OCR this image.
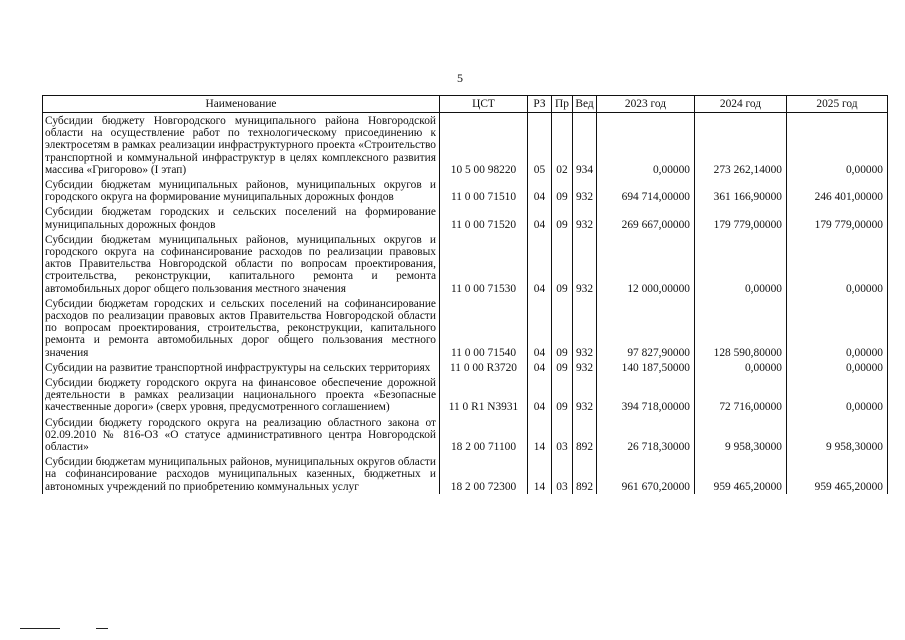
5
Наименование	ЦСТ	РЗ	Пр	Вед	2023 год	2024 год	2025 год
Субсидии бюджету Новгородского муниципального района Новгородской области на осуществление работ по технологическому присоединению к электросетям в рамках реализации инфраструктурного проекта «Строительство транспортной и коммунальной инфраструктур в целях комплексного развития массива «Григорово» (I этап)	10 5 00 98220	05	02	934	0,00000	273 262,14000	0,00000
Субсидии бюджетам муниципальных районов, муниципальных округов и городского округа на формирование муниципальных дорожных фондов	11 0 00 71510	04	09	932	694 714,00000	361 166,90000	246 401,00000
Субсидии бюджетам городских и сельских поселений на формирование муниципальных дорожных фондов	11 0 00 71520	04	09	932	269 667,00000	179 779,00000	179 779,00000
Субсидии бюджетам муниципальных районов, муниципальных округов и городского округа на софинансирование расходов по реализации правовых актов Правительства Новгородской области по вопросам проектирования, строительства, реконструкции, капитального ремонта и ремонта автомобильных дорог общего пользования местного значения	11 0 00 71530	04	09	932	12 000,00000	0,00000	0,00000
Субсидии бюджетам городских и сельских поселений на софинансирование расходов по реализации правовых актов Правительства Новгородской области по вопросам проектирования, строительства, реконструкции, капитального ремонта и ремонта автомобильных дорог общего пользования местного значения	11 0 00 71540	04	09	932	97 827,90000	128 590,80000	0,00000
Субсидии на развитие транспортной инфраструктуры на сельских территориях	11 0 00 R3720	04	09	932	140 187,50000	0,00000	0,00000
Субсидии бюджету городского округа на финансовое обеспечение дорожной деятельности в рамках реализации национального проекта «Безопасные качественные дороги» (сверх уровня, предусмотренного соглашением)	11 0 R1 N3931	04	09	932	394 718,00000	72 716,00000	0,00000
Субсидии бюджету городского округа на реализацию областного закона от 02.09.2010 № 816-ОЗ «О статусе административного центра Новгородской области»	18 2 00 71100	14	03	892	26 718,30000	9 958,30000	9 958,30000
Субсидии бюджетам муниципальных районов, муниципальных округов области на софинансирование расходов муниципальных казенных, бюджетных и автономных учреждений по приобретению коммунальных услуг	18 2 00 72300	14	03	892	961 670,20000	959 465,20000	959 465,20000
